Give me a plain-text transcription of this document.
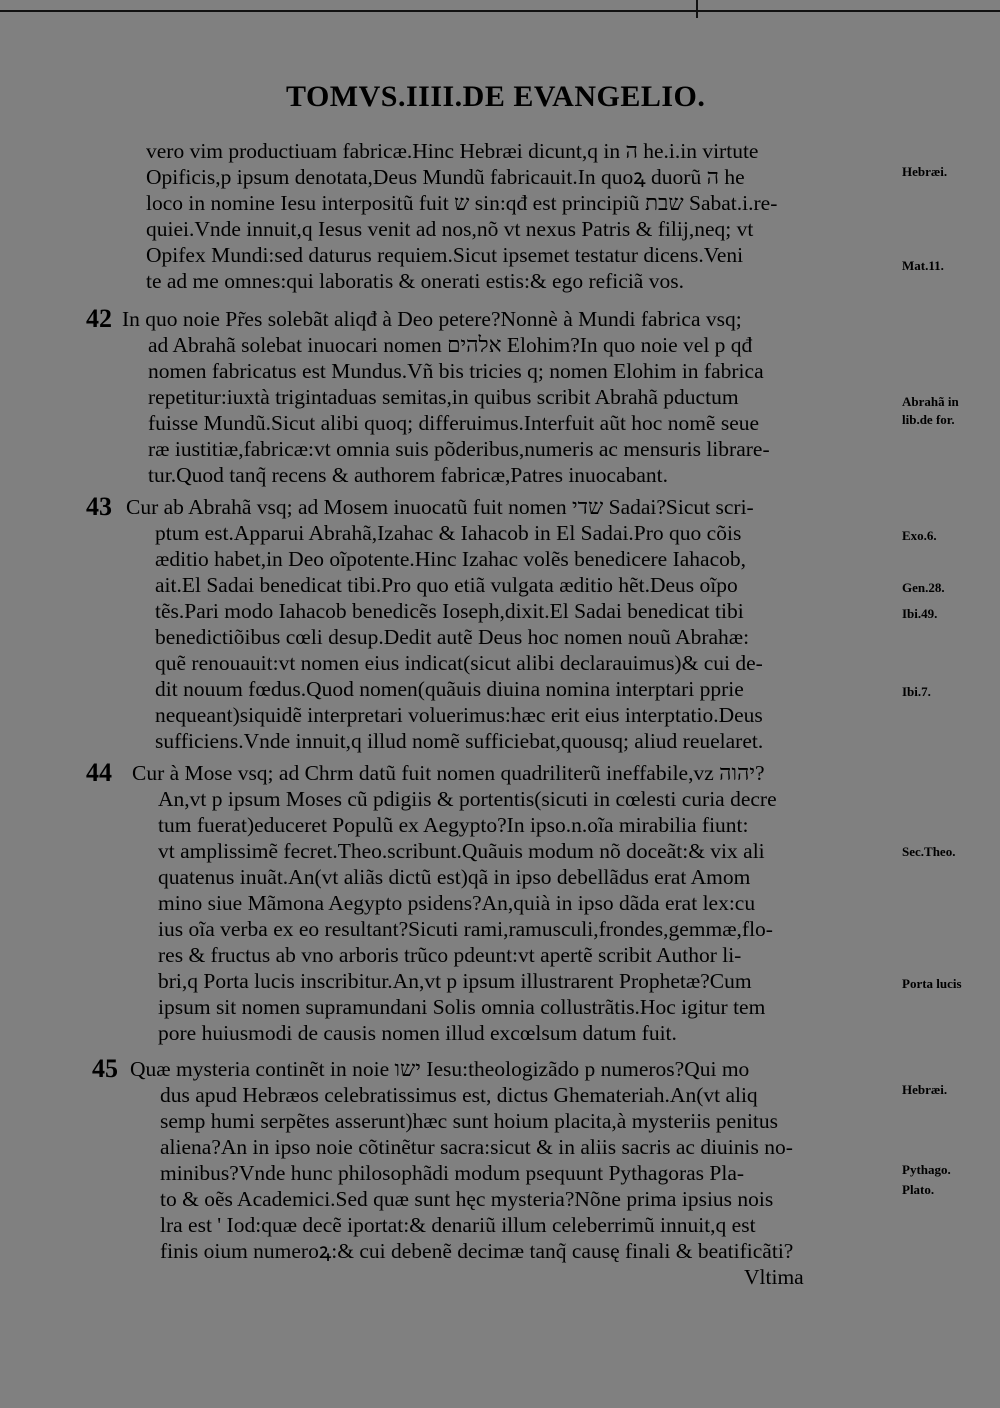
TOMVS.IIII.DE EVANGELIO.
vero vim productiuam fabricæ.Hinc Hebræi dicunt,q in ה he.i.in virtute
Opificis,p ipsum denotata,Deus Mundũ fabricauit.In quoꝝ duorũ ה he
loco in nomine Iesu interpositũ fuit ש sin:qđ est principiũ שבת Sabat.i.re-
quiei.Vnde innuit,q Iesus venit ad nos,nõ vt nexus Patris & filij,neq; vt
Opifex Mundi:sed daturus requiem.Sicut ipsemet testatur dicens.Veni
te ad me omnes:qui laboratis & onerati estis:& ego reficiã vos.
42 In quo noie Pr̃es solebãt aliqđ à Deo petere?Nonnè à Mundi fabrica vsq;
ad Abrahã solebat inuocari nomen אלהים Elohim?In quo noie vel p qđ
nomen fabricatus est Mundus.Vñ bis tricies q; nomen Elohim in fabrica
repetitur:iuxtà trigintaduas semitas,in quibus scribit Abrahã pductum
fuisse Mundũ.Sicut alibi quoq; differuimus.Interfuit aũt hoc nomẽ seue
ræ iustitiæ,fabricæ:vt omnia suis põderibus,numeris ac mensuris librare-
tur.Quod tanq̃ recens & authorem fabricæ,Patres inuocabant.
43 Cur ab Abrahã vsq; ad Mosem inuocatũ fuit nomen שדי Sadai?Sicut scri-
ptum est.Apparui Abrahã,Izahac & Iahacob in El Sadai.Pro quo cõis
æditio habet,in Deo oĩpotente.Hinc Izahac volẽs benedicere Iahacob,
ait.El Sadai benedicat tibi.Pro quo etiã vulgata æditio hẽt.Deus oĩpo
tẽs.Pari modo Iahacob benedicẽs Ioseph,dixit.El Sadai benedicat tibi
benedictiõibus cœli desup.Dedit autẽ Deus hoc nomen nouũ Abrahæ:
quẽ renouauit:vt nomen eius indicat(sicut alibi declarauimus)& cui de-
dit nouum fœdus.Quod nomen(quãuis diuina nomina interptari pprie
nequeant)siquidẽ interpretari voluerimus:hæc erit eius interptatio.Deus
sufficiens.Vnde innuit,q illud nomẽ sufficiebat,quousq; aliud reuelaret.
44 Cur à Mose vsq; ad Chrm datũ fuit nomen quadriliterũ ineffabile,vz יהוה?
An,vt p ipsum Moses cũ pdigiis & portentis(sicuti in cœlesti curia decre
tum fuerat)educeret Populũ ex Aegypto?In ipso.n.oĩa mirabilia fiunt:
vt amplissimẽ fecret.Theo.scribunt.Quãuis modum nõ doceãt:& vix ali
quatenus inuãt.An(vt aliãs dictũ est)qã in ipso debellãdus erat Amom
mino siue Mãmona Aegypto psidens?An,quià in ipso dãda erat lex:cu
ius oĩa verba ex eo resultant?Sicuti rami,ramusculi,frondes,gemmæ,flo-
res & fructus ab vno arboris trũco pdeunt:vt apertẽ scribit Author li-
bri,q Porta lucis inscribitur.An,vt p ipsum illustrarent Prophetæ?Cum
ipsum sit nomen supramundani Solis omnia collustrãtis.Hoc igitur tem
pore huiusmodi de causis nomen illud excœlsum datum fuit.
45 Quæ mysteria continẽt in noie ישו Iesu:theologizãdo p numeros?Qui mo
dus apud Hebræos celebratissimus est, dictus Ghemateriah.An(vt aliq
semp humi serpẽtes asserunt)hæc sunt hoium placita,à mysteriis penitus
aliena?An in ipso noie cõtinẽtur sacra:sicut & in aliis sacris ac diuinis no-
minibus?Vnde hunc philosophãdi modum psequunt Pythagoras Pla-
to & oẽs Academici.Sed quæ sunt hęc mysteria?Nõne prima ipsius nois
lra est ' Iod:quæ decẽ iportat:& denariũ illum celeberrimũ innuit,q est
finis oium numeroꝝ:& cui debenẽ decimæ tanq̃ causę finali & beatificãti?
Vltima
Hebræi.
Mat.11.
Abrahã in
lib.de for.
Exo.6.
Gen.28.
Ibi.49.
Ibi.7.
Sec.Theo.
Porta lucis
Hebræi.
Pythago.
Plato.
